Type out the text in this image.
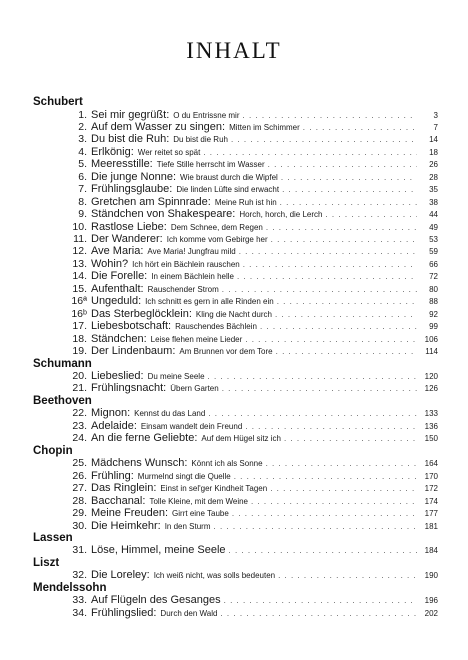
INHALT
Schubert
1. Sei mir gegrüßt: O du Entrissne mir . . .	3
2. Auf dem Wasser zu singen: Mitten im Schimmer . . .	7
3. Du bist die Ruh: Du bist die Ruh . . .	14
4. Erlkönig: Wer reitet so spät . . .	18
5. Meeresstille: Tiefe Stille herrscht im Wasser . . .	26
6. Die junge Nonne: Wie braust durch die Wipfel . . .	28
7. Frühlingsglaube: Die linden Lüfte sind erwacht . . .	35
8. Gretchen am Spinnrade: Meine Ruh ist hin . . .	38
9. Ständchen von Shakespeare: Horch, horch, die Lerch . . .	44
10. Rastlose Liebe: Dem Schnee, dem Regen . . .	49
11. Der Wanderer: Ich komme vom Gebirge her . . .	53
12. Ave Maria: Ave Maria! Jungfrau mild . . .	59
13. Wohin? Ich hört ein Bächlein rauschen . . .	66
14. Die Forelle: In einem Bächlein helle . . .	72
15. Aufenthalt: Rauschender Strom . . .	80
16ª Ungeduld: Ich schnitt es gern in alle Rinden ein . . .	88
16ᵇ Das Sterbeglöcklein: Kling die Nacht durch . . .	92
17. Liebesbotschaft: Rauschendes Bächlein . . .	99
18. Ständchen: Leise flehen meine Lieder . . .	106
19. Der Lindenbaum: Am Brunnen vor dem Tore . . .	114
Schumann
20. Liebeslied: Du meine Seele . . .	120
21. Frühlingsnacht: Übern Garten . . .	126
Beethoven
22. Mignon: Kennst du das Land . . .	133
23. Adelaide: Einsam wandelt dein Freund . . .	136
24. An die ferne Geliebte: Auf dem Hügel sitz ich . . .	150
Chopin
25. Mädchens Wunsch: Könnt ich als Sonne . . .	164
26. Frühling: Murmelnd singt die Quelle . . .	170
27. Das Ringlein: Einst in sel'ger Kindheit Tagen . . .	172
28. Bacchanal: Tolle Kleine, mit dem Weine . . .	174
29. Meine Freuden: Girrt eine Taube . . .	177
30. Die Heimkehr: In den Sturm . . .	181
Lassen
31. Löse, Himmel, meine Seele . . .	184
Liszt
32. Die Loreley: Ich weiß nicht, was solls bedeuten . . .	190
Mendelssohn
33. Auf Flügeln des Gesanges . . .	196
34. Frühlingslied: Durch den Wald . . .	202
